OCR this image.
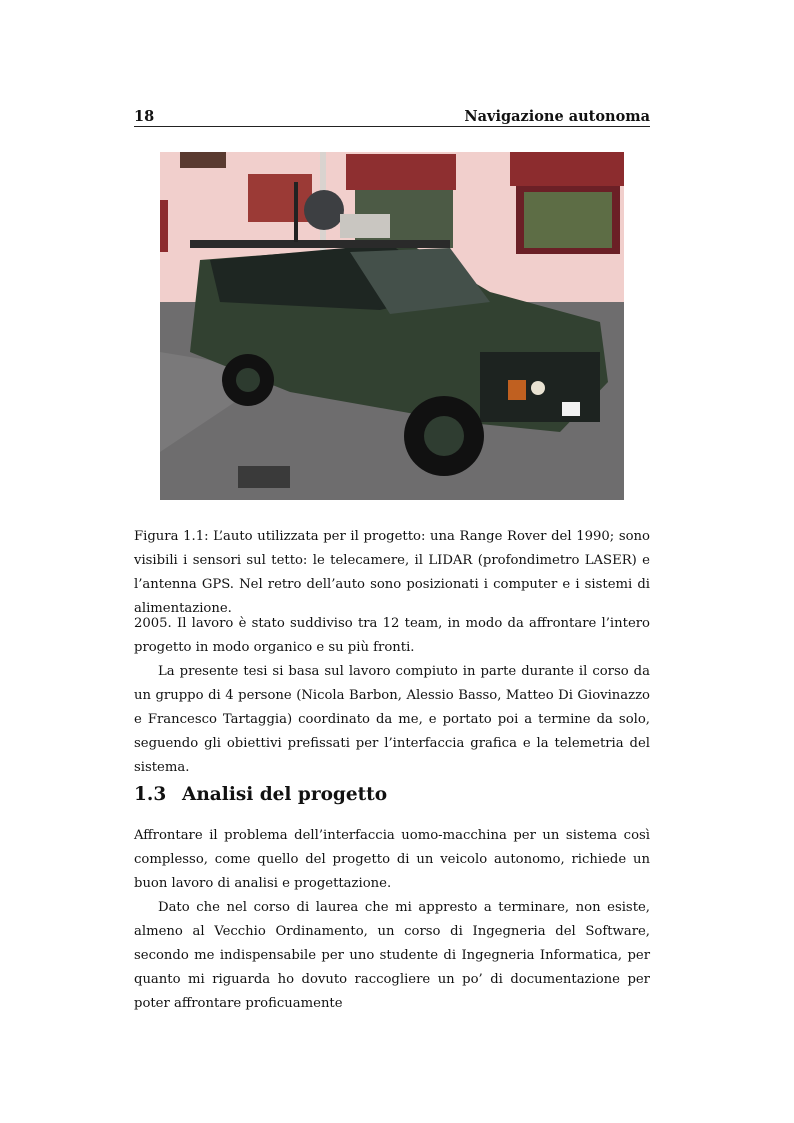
18	Navigazione autonoma
Figura 1.1: L’auto utilizzata per il progetto: una Range Rover del 1990; sono visibili i sensori sul tetto: le telecamere, il LIDAR (profondimetro LASER) e l’antenna GPS. Nel retro dell’auto sono posizionati i computer e i sistemi di alimentazione.

2005. Il lavoro è stato suddiviso tra 12 team, in modo da affrontare l’intero progetto in modo organico e su più fronti.

La presente tesi si basa sul lavoro compiuto in parte durante il corso da un gruppo di 4 persone (Nicola Barbon, Alessio Basso, Matteo Di Giovinazzo e Francesco Tartaggia) coordinato da me, e portato poi a termine da solo, seguendo gli obiettivi prefissati per l’interfaccia grafica e la telemetria del sistema.

1.3 Analisi del progetto

Affrontare il problema dell’interfaccia uomo-macchina per un sistema così complesso, come quello del progetto di un veicolo autonomo, richiede un buon lavoro di analisi e progettazione.

Dato che nel corso di laurea che mi appresto a terminare, non esiste, almeno al Vecchio Ordinamento, un corso di Ingegneria del Software, secondo me indispensabile per uno studente di Ingegneria Informatica, per quanto mi riguarda ho dovuto raccogliere un po’ di documentazione per poter affrontare proficuamente
